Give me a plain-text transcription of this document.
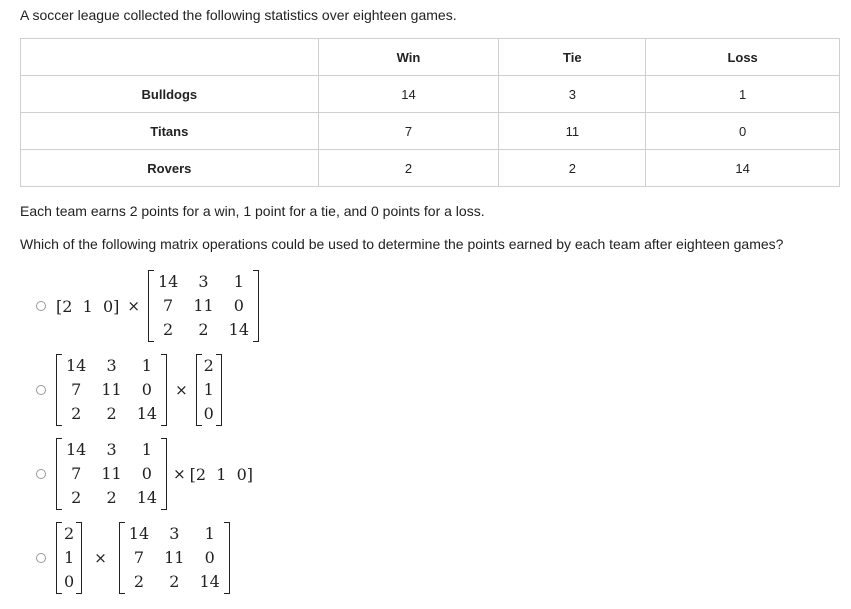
A soccer league collected the following statistics over eighteen games.
	Win	Tie	Loss
Bulldogs	14	3	1
Titans	7	11	0
Rovers	2	2	14
Each team earns 2 points for a win, 1 point for a tie, and 0 points for a loss.
Which of the following matrix operations could be used to determine the points earned by each team after eighteen games?
[2  1  0] ×
14	3	1
7	11	0
2	2	14
14	3	1
7	11	0
2	2	14
×
2
1
0
14	3	1
7	11	0
2	2	14
× [2  1  0]
2
1
0
×
14	3	1
7	11	0
2	2	14
